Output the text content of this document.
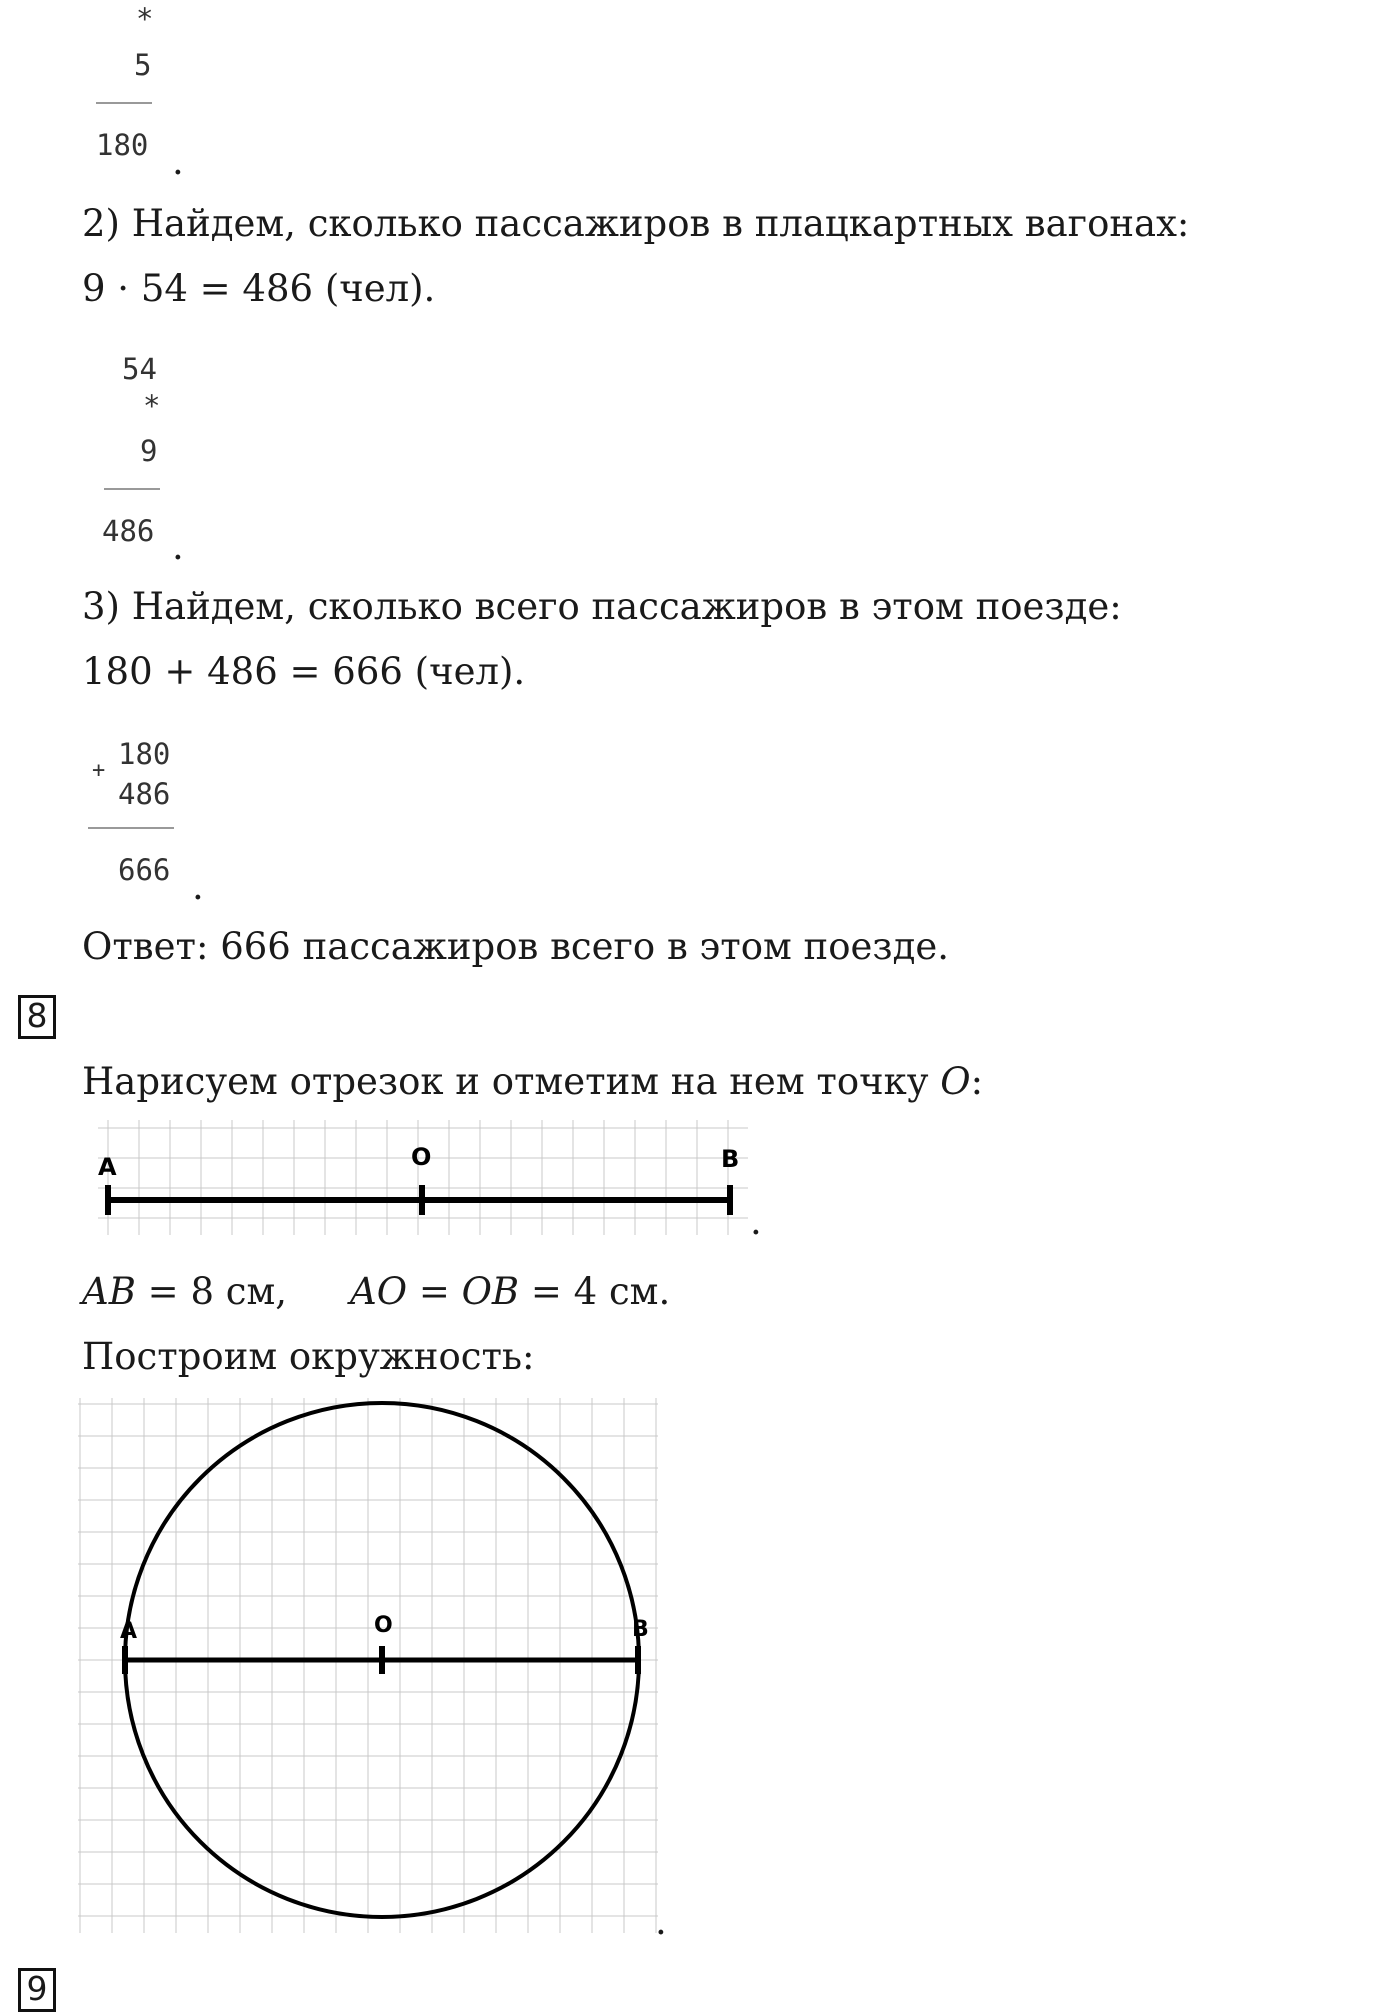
*
5
180 .
2) Найдем, сколько пассажиров в плацкартных вагонах:
9 · 54 = 486 (чел).
54
*
9
486 .
3) Найдем, сколько всего пассажиров в этом поезде:
180 + 486 = 666 (чел).
+ 180
486
666 .
Ответ: 666 пассажиров всего в этом поезде.
8
Нарисуем отрезок и отметим на нем точку O:
A	O	B
.
AB = 8 см, AO = OB = 4 см.
Построим окружность:
A	O	B
.
9
